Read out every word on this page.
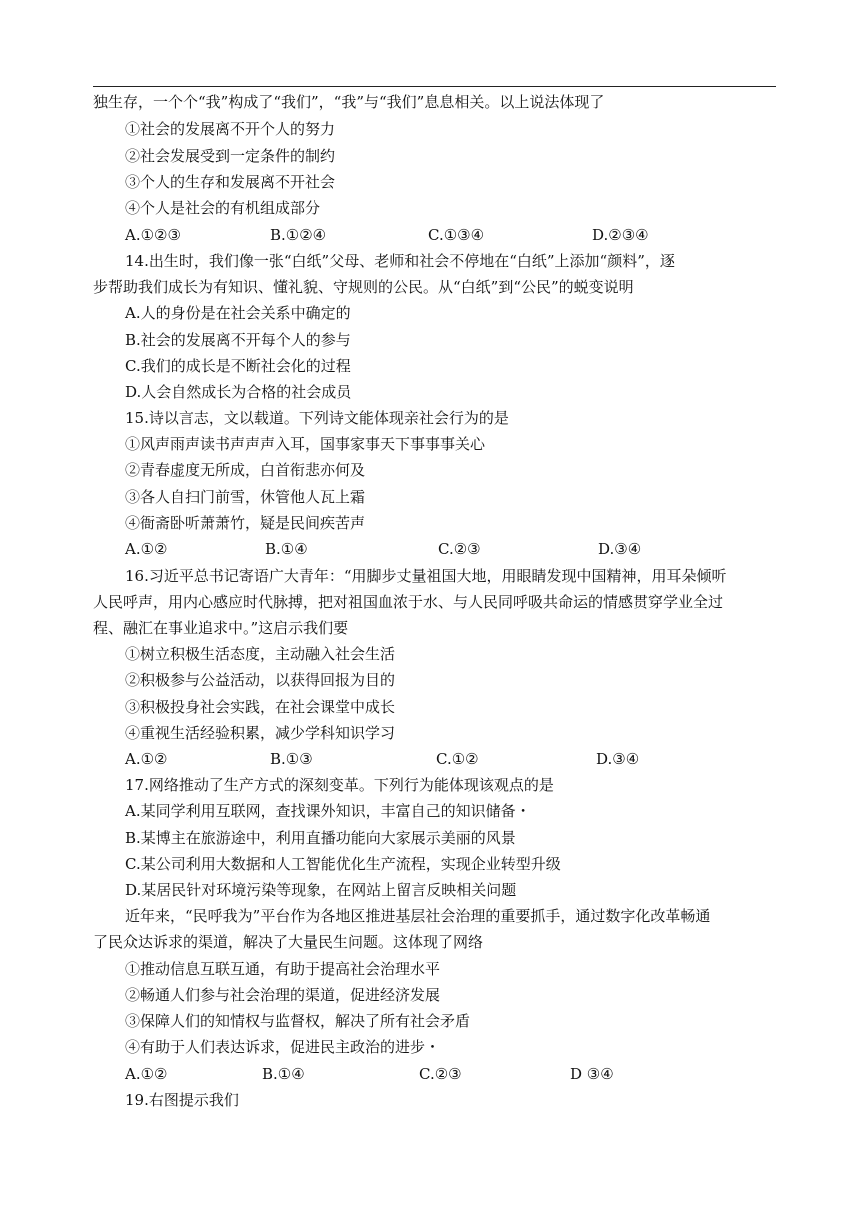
独生存，一个个“我”构成了“我们”，“我”与“我们”息息相关。以上说法体现了
①社会的发展离不开个人的努力
②社会发展受到一定条件的制约
③个人的生存和发展离不开社会
④个人是社会的有机组成部分
A.①②③	B.①②④	C.①③④	D.②③④
14.出生时，我们像一张“白纸”父母、老师和社会不停地在“白纸”上添加“颜料”，逐
步帮助我们成长为有知识、懂礼貌、守规则的公民。从“白纸”到“公民”的蜕变说明
A.人的身份是在社会关系中确定的
B.社会的发展离不开每个人的参与
C.我们的成长是不断社会化的过程
D.人会自然成长为合格的社会成员
15.诗以言志，文以载道。下列诗文能体现亲社会行为的是
①风声雨声读书声声声入耳，国事家事天下事事事关心
②青春虚度无所成，白首衔悲亦何及
③各人自扫门前雪，休管他人瓦上霜
④衙斋卧听萧萧竹，疑是民间疾苦声
A.①②	B.①④	C.②③	D.③④
16.习近平总书记寄语广大青年：“用脚步丈量祖国大地，用眼睛发现中国精神，用耳朵倾听
人民呼声，用内心感应时代脉搏，把对祖国血浓于水、与人民同呼吸共命运的情感贯穿学业全过
程、融汇在事业追求中。”这启示我们要
①树立积极生活态度，主动融入社会生活
②积极参与公益活动，以获得回报为目的
③积极投身社会实践，在社会课堂中成长
④重视生活经验积累，减少学科知识学习
A.①②	B.①③	C.①②	D.③④
17.网络推动了生产方式的深刻变革。下列行为能体现该观点的是
A.某同学利用互联网，查找课外知识，丰富自己的知识储备・
B.某博主在旅游途中，利用直播功能向大家展示美丽的风景
C.某公司利用大数据和人工智能优化生产流程，实现企业转型升级
D.某居民针对环境污染等现象，在网站上留言反映相关问题
近年来，“民呼我为”平台作为各地区推进基层社会治理的重要抓手，通过数字化改革畅通
了民众达诉求的渠道，解决了大量民生问题。这体现了网络
①推动信息互联互通，有助于提高社会治理水平
②畅通人们参与社会治理的渠道，促进经济发展
③保障人们的知情权与监督权，解决了所有社会矛盾
④有助于人们表达诉求，促进民主政治的进步・
A.①②	B.①④	C.②③	D ③④
19.右图提示我们
